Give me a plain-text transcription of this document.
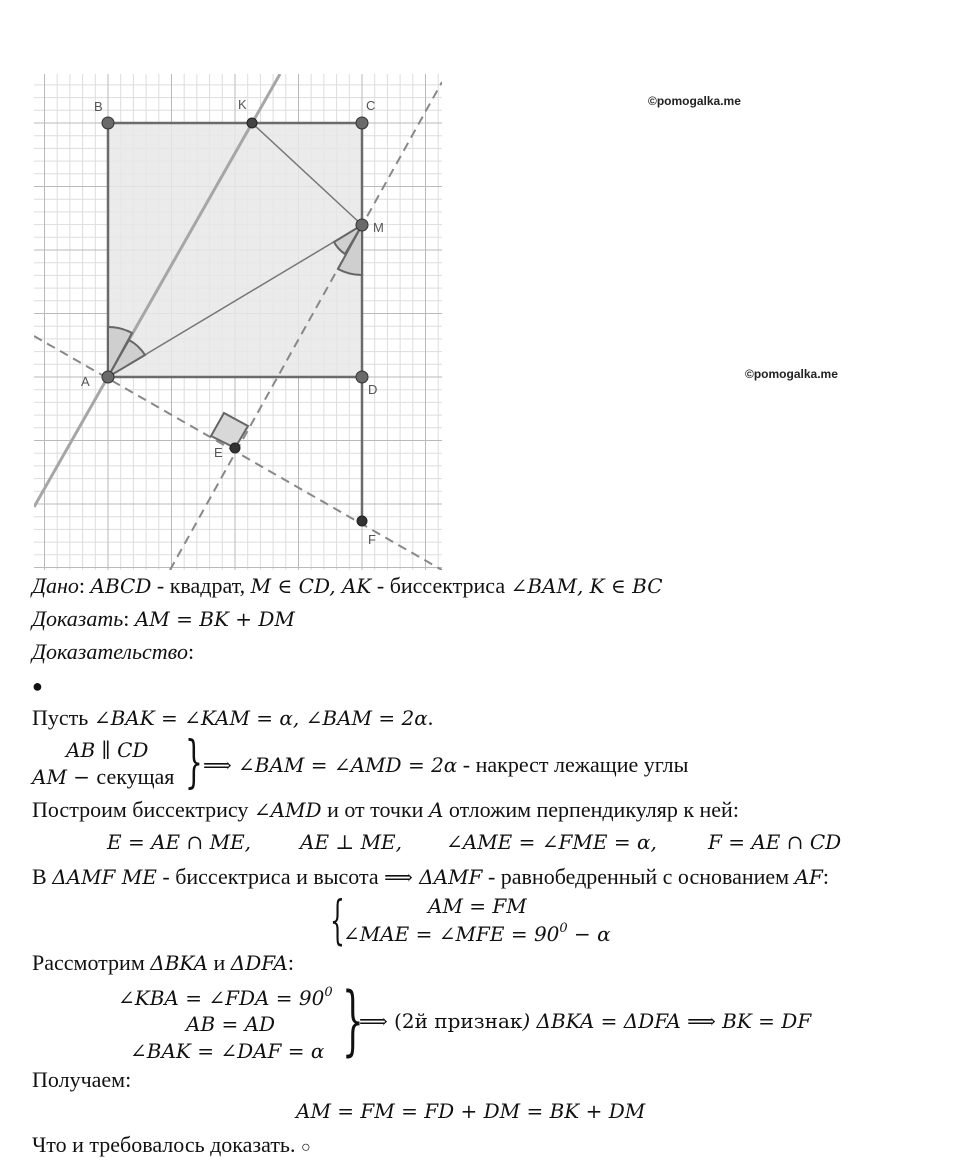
B	K	C
M
A
D
E
F
©pomogalka.me
©pomogalka.me
Дано: ABCD - квадрат, M ∈ CD, AK - биссектриса ∠BAM, K ∈ BC
Доказать: AM = BK + DM
Доказательство:
●
Пусть ∠BAK = ∠KAM = α, ∠BAM = 2α.
AB ∥ CD
AM − секущая } ⟹ ∠BAM = ∠AMD = 2α - накрест лежащие углы
Построим биссектрису ∠AMD и от точки A отложим перпендикуляр к ней:
E = AE ∩ ME, AE ⊥ ME, ∠AME = ∠FME = α,	F = AE ∩ CD
В ΔAMF ME - биссектриса и высота ⟹ ΔAMF - равнобедренный с основанием AF:
{	AM = FM
∠MAE = ∠MFE = $90^0 - \alpha$
Рассмотрим ΔBKA и ΔDFA:
∠KBA = ∠FDA = $90^0$
AB = AD
∠BAK = ∠DAF = α }
⟹ (2й признак) ΔBKA = ΔDFA ⟹ BK = DF
Получаем:
AM = FM = FD + DM = BK + DM
Что и требовалось доказать. ○
